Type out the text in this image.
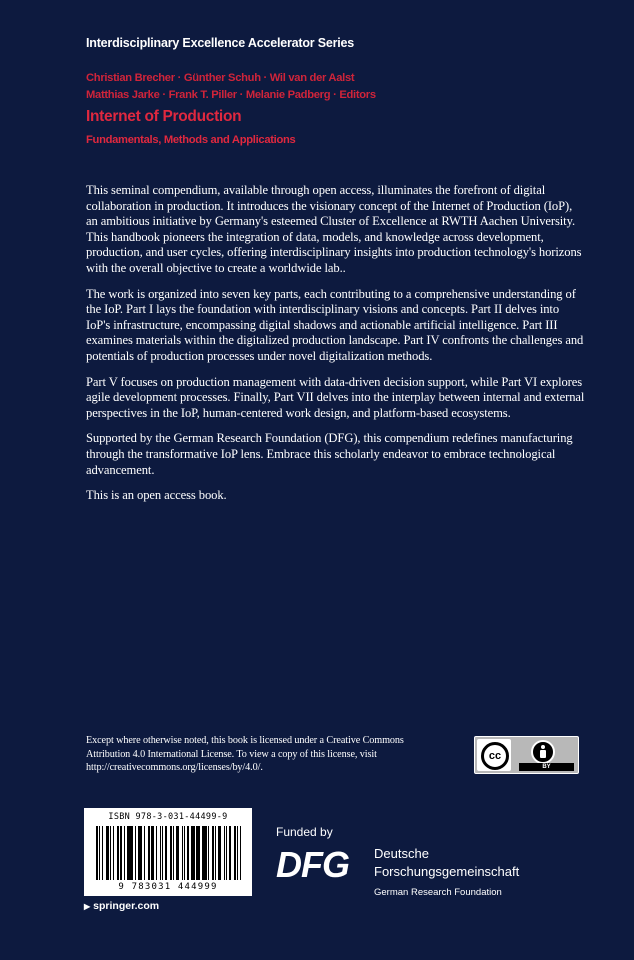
Interdisciplinary Excellence Accelerator Series
Christian Brecher · Günther Schuh · Wil van der Aalst
Matthias Jarke · Frank T. Piller · Melanie Padberg · Editors
Internet of Production
Fundamentals, Methods and Applications

This seminal compendium, available through open access, illuminates the forefront of digital collaboration in production. It introduces the visionary concept of the Internet of Production (IoP), an ambitious initiative by Germany's esteemed Cluster of Excellence at RWTH Aachen University. This handbook pioneers the integration of data, models, and knowledge across development, production, and user cycles, offering interdisciplinary insights into production technology's horizons with the overall objective to create a worldwide lab..

The work is organized into seven key parts, each contributing to a comprehensive understanding of the IoP. Part I lays the foundation with interdisciplinary visions and concepts. Part II delves into IoP's infrastructure, encompassing digital shadows and actionable artificial intelligence. Part III examines materials within the digitalized production landscape. Part IV confronts the challenges and potentials of production processes under novel digitalization methods.

Part V focuses on production management with data-driven decision support, while Part VI explores agile development processes. Finally, Part VII delves into the interplay between internal and external perspectives in the IoP, human-centered work design, and platform-based ecosystems.

Supported by the German Research Foundation (DFG), this compendium redefines manufacturing through the transformative IoP lens. Embrace this scholarly endeavor to embrace technological advancement.

This is an open access book.

Except where otherwise noted, this book is licensed under a Creative Commons Attribution 4.0 International License. To view a copy of this license, visit http://creativecommons.org/licenses/by/4.0/.
cc
BY
ISBN 978-3-031-44499-9
9 783031 444999
▶ springer.com
Funded by
DFG Deutsche
Forschungsgemeinschaft
German Research Foundation
